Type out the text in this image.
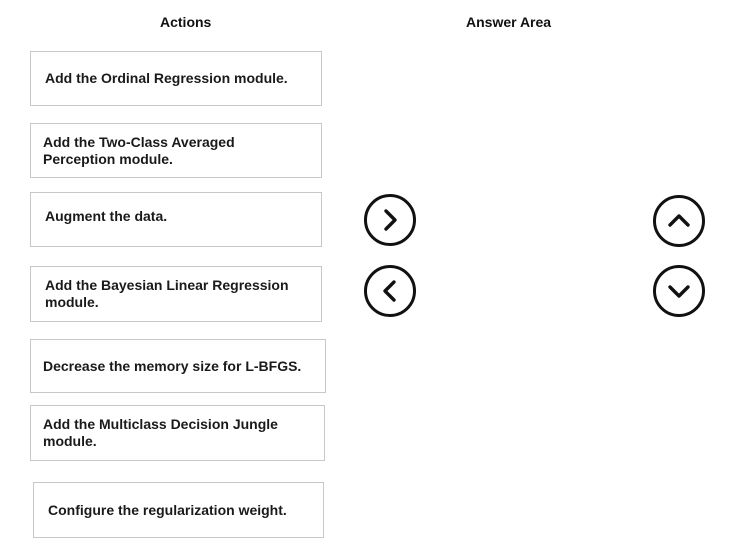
Actions	Answer Area
Add the Ordinal Regression module.
Add the Two-Class Averaged Perception module.
Augment the data.
Add the Bayesian Linear Regression module.
Decrease the memory size for L-BFGS.
Add the Multiclass Decision Jungle module.
Configure the regularization weight.
